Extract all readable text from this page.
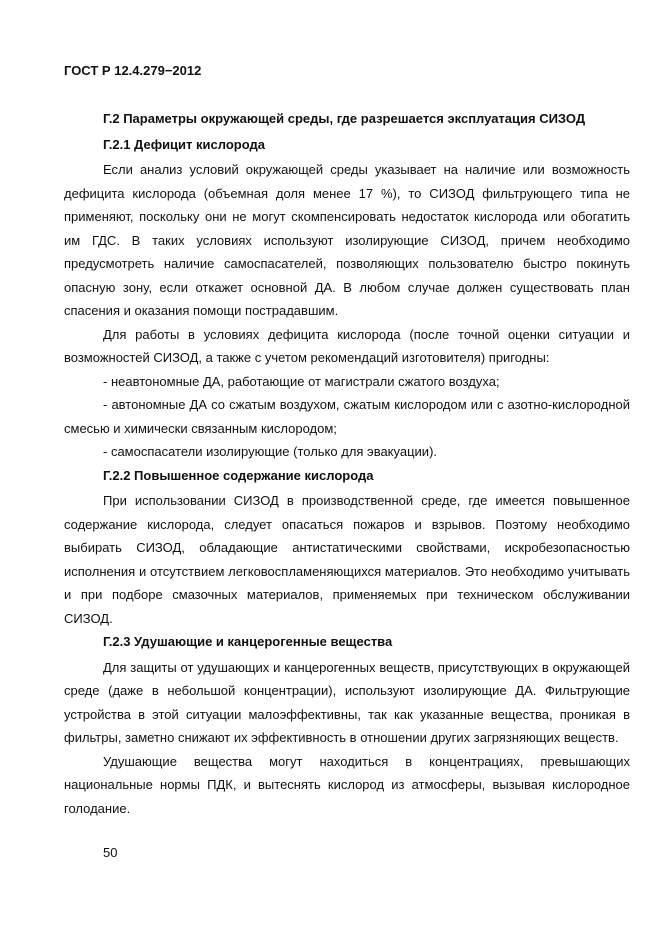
ГОСТ Р 12.4.279−2012
Г.2 Параметры окружающей среды, где разрешается эксплуатация СИЗОД
Г.2.1 Дефицит кислорода

Если анализ условий окружающей среды указывает на наличие или возможность дефицита кислорода (объемная доля менее 17 %), то СИЗОД фильтрующего типа не применяют, поскольку они не могут скомпенсировать недостаток кислорода или обогатить им ГДС. В таких условиях используют изолирующие СИЗОД, причем необходимо предусмотреть наличие самоспасателей, позволяющих пользователю быстро покинуть опасную зону, если откажет основной ДА. В любом случае должен существовать план спасения и оказания помощи пострадавшим.

Для работы в условиях дефицита кислорода (после точной оценки ситуации и возможностей СИЗОД, а также с учетом рекомендаций изготовителя) пригодны:

- неавтономные ДА, работающие от магистрали сжатого воздуха;

- автономные ДА со сжатым воздухом, сжатым кислородом или с азотно-кислородной смесью и химически связанным кислородом;

- самоспасатели изолирующие (только для эвакуации).

Г.2.2 Повышенное содержание кислорода

При использовании СИЗОД в производственной среде, где имеется повышенное содержание кислорода, следует опасаться пожаров и взрывов. Поэтому необходимо выбирать СИЗОД, обладающие антистатическими свойствами, искробезопасностью исполнения и отсутствием легковоспламеняющихся материалов. Это необходимо учитывать и при подборе смазочных материалов, применяемых при техническом обслуживании СИЗОД.

Г.2.3 Удушающие и канцерогенные вещества

Для защиты от удушающих и канцерогенных веществ, присутствующих в окружающей среде (даже в небольшой концентрации), используют изолирующие ДА. Фильтрующие устройства в этой ситуации малоэффективны, так как указанные вещества, проникая в фильтры, заметно снижают их эффективность в отношении других загрязняющих веществ.

Удушающие вещества могут находиться в концентрациях, превышающих национальные нормы ПДК, и вытеснять кислород из атмосферы, вызывая кислородное голодание.

50
